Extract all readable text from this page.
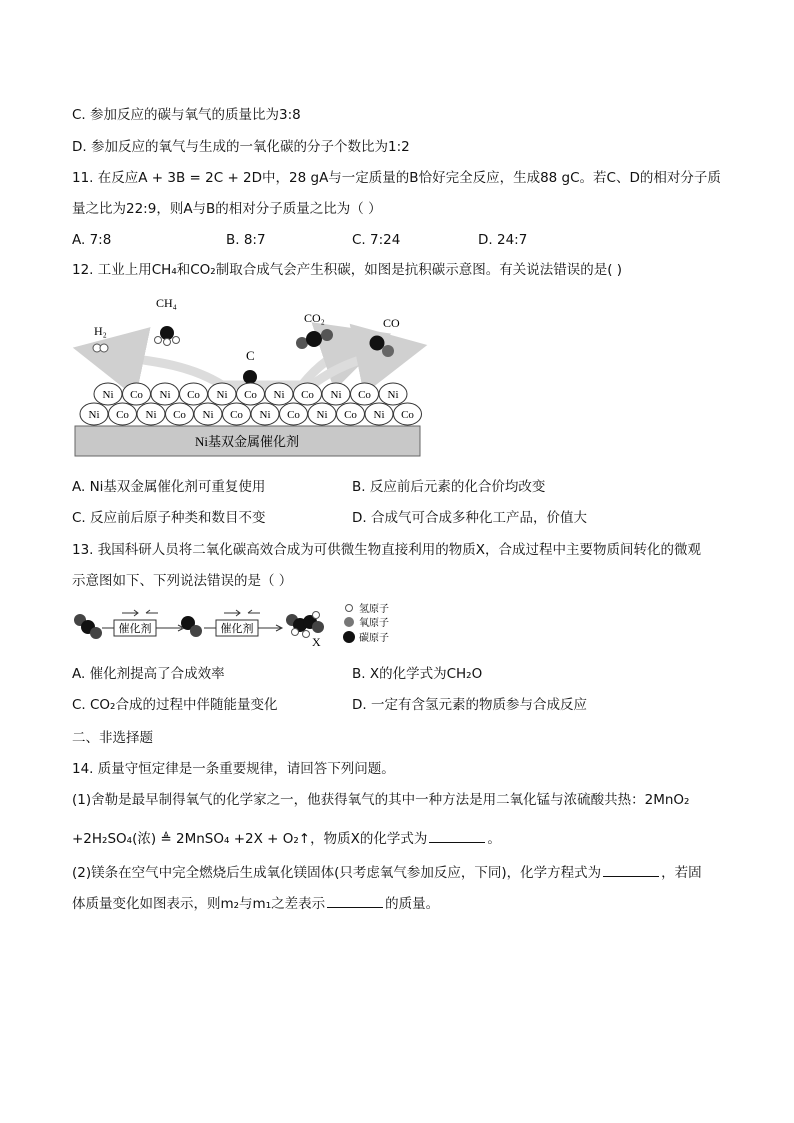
C. 参加反应的碳与氧气的质量比为3:8
D. 参加反应的氧气与生成的一氧化碳的分子个数比为1:2
11. 在反应A + 3B = 2C + 2D中，28 gA与一定质量的B恰好完全反应，生成88 gC。若C、D的相对分子质
量之比为22:9，则A与B的相对分子质量之比为（ ）
A. 7:8	B. 8:7	C. 7:24	D. 24:7
12. 工业上用CH₄和CO₂制取合成气会产生积碳，如图是抗积碳示意图。有关说法错误的是( )
H₂
CH₄
C
CO₂	CO
Ni基双金属催化剂
Ni Co Ni Co Ni Co Ni Co Ni Co Ni Co
Ni Co Ni Co Ni Co Ni Co Ni Co Ni
A. Ni基双金属催化剂可重复使用	B. 反应前后元素的化合价均改变
C. 反应前后原子种类和数目不变	D. 合成气可合成多种化工产品，价值大
13. 我国科研人员将二氧化碳高效合成为可供微生物直接利用的物质X，合成过程中主要物质间转化的微观
示意图如下、下列说法错误的是（ ）
催化剂	催化剂
X
氢原子
氧原子
碳原子
A. 催化剂提高了合成效率	B. X的化学式为CH₂O
C. CO₂合成的过程中伴随能量变化	D. 一定有含氢元素的物质参与合成反应
二、非选择题
14. 质量守恒定律是一条重要规律，请回答下列问题。
(1)舍勒是最早制得氧气的化学家之一，他获得氧气的其中一种方法是用二氧化锰与浓硫酸共热：2MnO₂
+2H₂SO₄(浓) ≜ 2MnSO₄ +2X + O₂↑，物质X的化学式为	。
(2)镁条在空气中完全燃烧后生成氧化镁固体(只考虑氧气参加反应，下同)，化学方程式为	，若固
体质量变化如图表示，则m₂与m₁之差表示	的质量。
